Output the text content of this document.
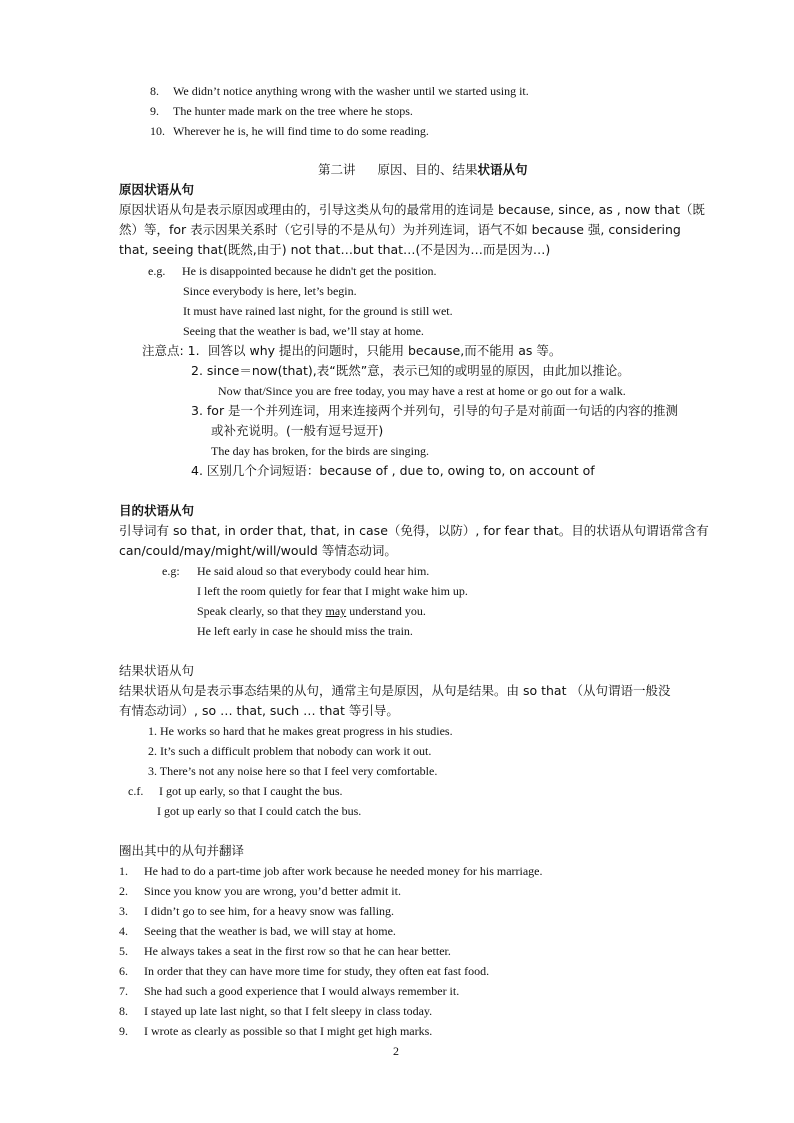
8. We didn’t notice anything wrong with the washer until we started using it.
9. The hunter made mark on the tree where he stops.
10. Wherever he is, he will find time to do some reading.
第二讲 原因、目的、结果状语从句
原因状语从句
原因状语从句是表示原因或理由的，引导这类从句的最常用的连词是 because, since, as , now that（既
然）等，for 表示因果关系时（它引导的不是从句）为并列连词，语气不如 because 强, considering
that, seeing that(既然,由于) not that…but that…(不是因为…而是因为…)
e.g. He is disappointed because he didn't get the position.
Since everybody is here, let’s begin.
It must have rained last night, for the ground is still wet.
Seeing that the weather is bad, we’ll stay at home.
注意点: 1. 回答以 why 提出的问题时，只能用 because,而不能用 as 等。
2. since＝now(that),表“既然”意，表示已知的或明显的原因，由此加以推论。
Now that/Since you are free today, you may have a rest at home or go out for a walk.
3. for 是一个并列连词，用来连接两个并列句，引导的句子是对前面一句话的内容的推测
或补充说明。(一般有逗号逗开)
The day has broken, for the birds are singing.
4. 区别几个介词短语：because of , due to, owing to, on account of
目的状语从句
引导词有 so that, in order that, that, in case（免得，以防）, for fear that。目的状语从句谓语常含有
can/could/may/might/will/would 等情态动词。
e.g: He said aloud so that everybody could hear him.
I left the room quietly for fear that I might wake him up.
Speak clearly, so that they may understand you.
He left early in case he should miss the train.
结果状语从句
结果状语从句是表示事态结果的从句，通常主句是原因，从句是结果。由 so that （从句谓语一般没
有情态动词）, so … that, such … that 等引导。
1. He works so hard that he makes great progress in his studies.
2. It’s such a difficult problem that nobody can work it out.
3. There’s not any noise here so that I feel very comfortable.
c.f. I got up early, so that I caught the bus.
I got up early so that I could catch the bus.
圈出其中的从句并翻译
1. He had to do a part-time job after work because he needed money for his marriage.
2. Since you know you are wrong, you’d better admit it.
3. I didn’t go to see him, for a heavy snow was falling.
4. Seeing that the weather is bad, we will stay at home.
5. He always takes a seat in the first row so that he can hear better.
6. In order that they can have more time for study, they often eat fast food.
7. She had such a good experience that I would always remember it.
8. I stayed up late last night, so that I felt sleepy in class today.
9. I wrote as clearly as possible so that I might get high marks.
2
